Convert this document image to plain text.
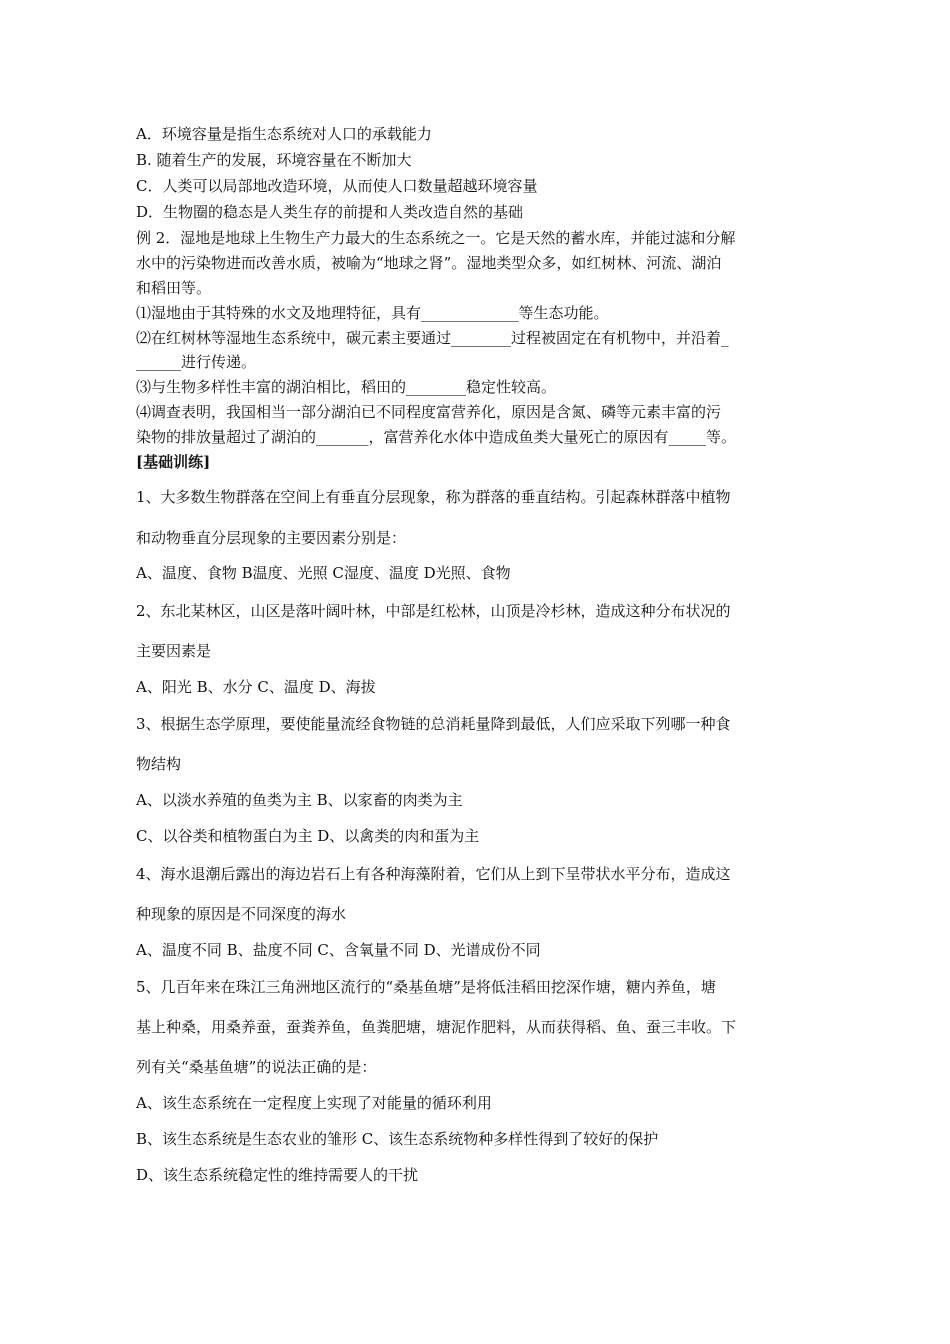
A．环境容量是指生态系统对人口的承载能力
B. 随着生产的发展，环境容量在不断加大
C．人类可以局部地改造环境，从而使人口数量超越环境容量
D．生物圈的稳态是人类生存的前提和人类改造自然的基础
例 2．湿地是地球上生物生产力最大的生态系统之一。它是天然的蓄水库，并能过滤和分解
水中的污染物进而改善水质，被喻为“地球之肾”。湿地类型众多，如红树林、河流、湖泊
和稻田等。
⑴湿地由于其特殊的水文及地理特征，具有_____________等生态功能。
⑵在红树林等湿地生态系统中，碳元素主要通过________过程被固定在有机物中，并沿着_
______进行传递。
⑶与生物多样性丰富的湖泊相比，稻田的________稳定性较高。
⑷调查表明，我国相当一部分湖泊已不同程度富营养化，原因是含氮、磷等元素丰富的污
染物的排放量超过了湖泊的_______，富营养化水体中造成鱼类大量死亡的原因有_____等。
[基础训练]
1、大多数生物群落在空间上有垂直分层现象，称为群落的垂直结构。引起森林群落中植物
和动物垂直分层现象的主要因素分别是：
A、温度、食物 B温度、光照 C湿度、温度 D光照、食物
2、东北某林区，山区是落叶阔叶林，中部是红松林，山顶是冷杉林，造成这种分布状况的
主要因素是
A、阳光 B、水分 C、温度 D、海拔
3、根据生态学原理，要使能量流经食物链的总消耗量降到最低，人们应采取下列哪一种食
物结构
A、以淡水养殖的鱼类为主 B、以家畜的肉类为主
C、以谷类和植物蛋白为主 D、以禽类的肉和蛋为主
4、海水退潮后露出的海边岩石上有各种海藻附着，它们从上到下呈带状水平分布，造成这
种现象的原因是不同深度的海水
A、温度不同 B、盐度不同 C、含氧量不同 D、光谱成份不同
5、几百年来在珠江三角洲地区流行的“桑基鱼塘”是将低洼稻田挖深作塘，糖内养鱼，塘
基上种桑，用桑养蚕，蚕粪养鱼，鱼粪肥塘，塘泥作肥料，从而获得稻、鱼、蚕三丰收。下
列有关“桑基鱼塘”的说法正确的是：
A、该生态系统在一定程度上实现了对能量的循环利用
B、该生态系统是生态农业的雏形 C、该生态系统物种多样性得到了较好的保护
D、该生态系统稳定性的维持需要人的干扰
